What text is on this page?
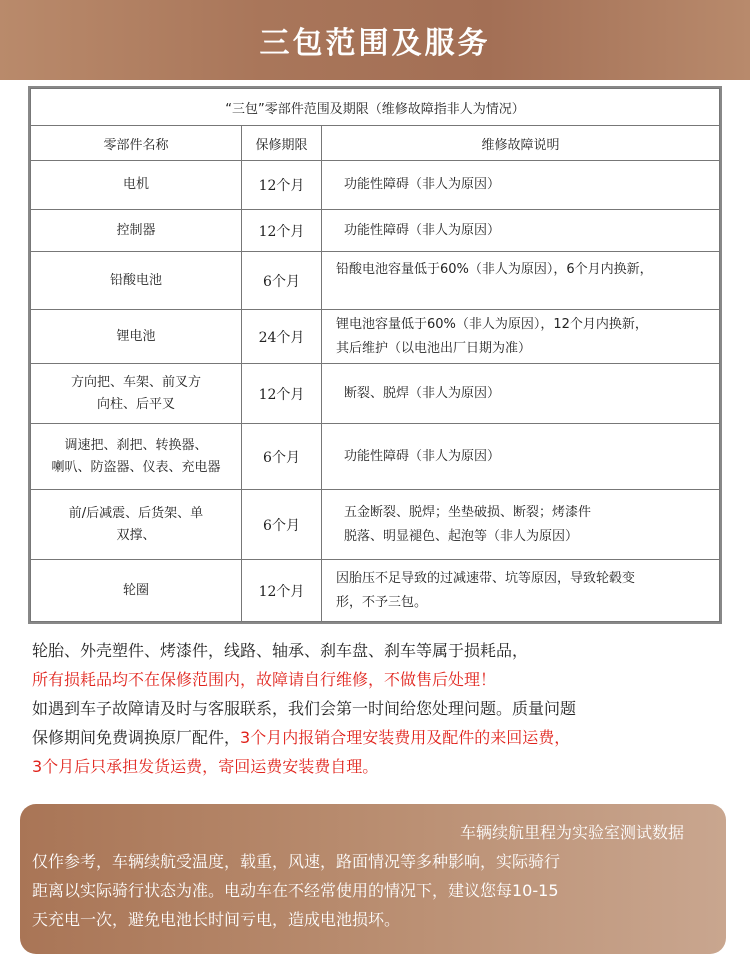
三包范围及服务
“三包”零部件范围及期限（维修故障指非人为情况）		
零部件名称	保修期限	维修故障说明
电机	12个月	功能性障碍（非人为原因）
控制器	12个月	功能性障碍（非人为原因）
铅酸电池	6个月	铅酸电池容量低于60%（非人为原因），6个月内换新，
锂电池	24个月	锂电池容量低于60%（非人为原因），12个月内换新，
其后维护（以电池出厂日期为准）
方向把、车架、前叉方
向柱、后平叉	12个月	断裂、脱焊（非人为原因）
调速把、刹把、转换器、
喇叭、防盗器、仪表、充电器	6个月	功能性障碍（非人为原因）
前/后减震、后货架、单
双撑、	6个月	五金断裂、脱焊；坐垫破损、断裂；烤漆件
脱落、明显褪色、起泡等（非人为原因）
轮圈	12个月	因胎压不足导致的过减速带、坑等原因，导致轮毂变
形，不予三包。

轮胎、外壳塑件、烤漆件，线路、轴承、刹车盘、刹车等属于损耗品，

所有损耗品均不在保修范围内，故障请自行维修，不做售后处理！

如遇到车子故障请及时与客服联系，我们会第一时间给您处理问题。质量问题

保修期间免费调换原厂配件，3个月内报销合理安装费用及配件的来回运费，

3个月后只承担发货运费，寄回运费安装费自理。

车辆续航里程为实验室测试数据

仅作参考，车辆续航受温度，载重，风速，路面情况等多种影响，实际骑行

距离以实际骑行状态为准。电动车在不经常使用的情况下，建议您每10-15

天充电一次，避免电池长时间亏电，造成电池损坏。
